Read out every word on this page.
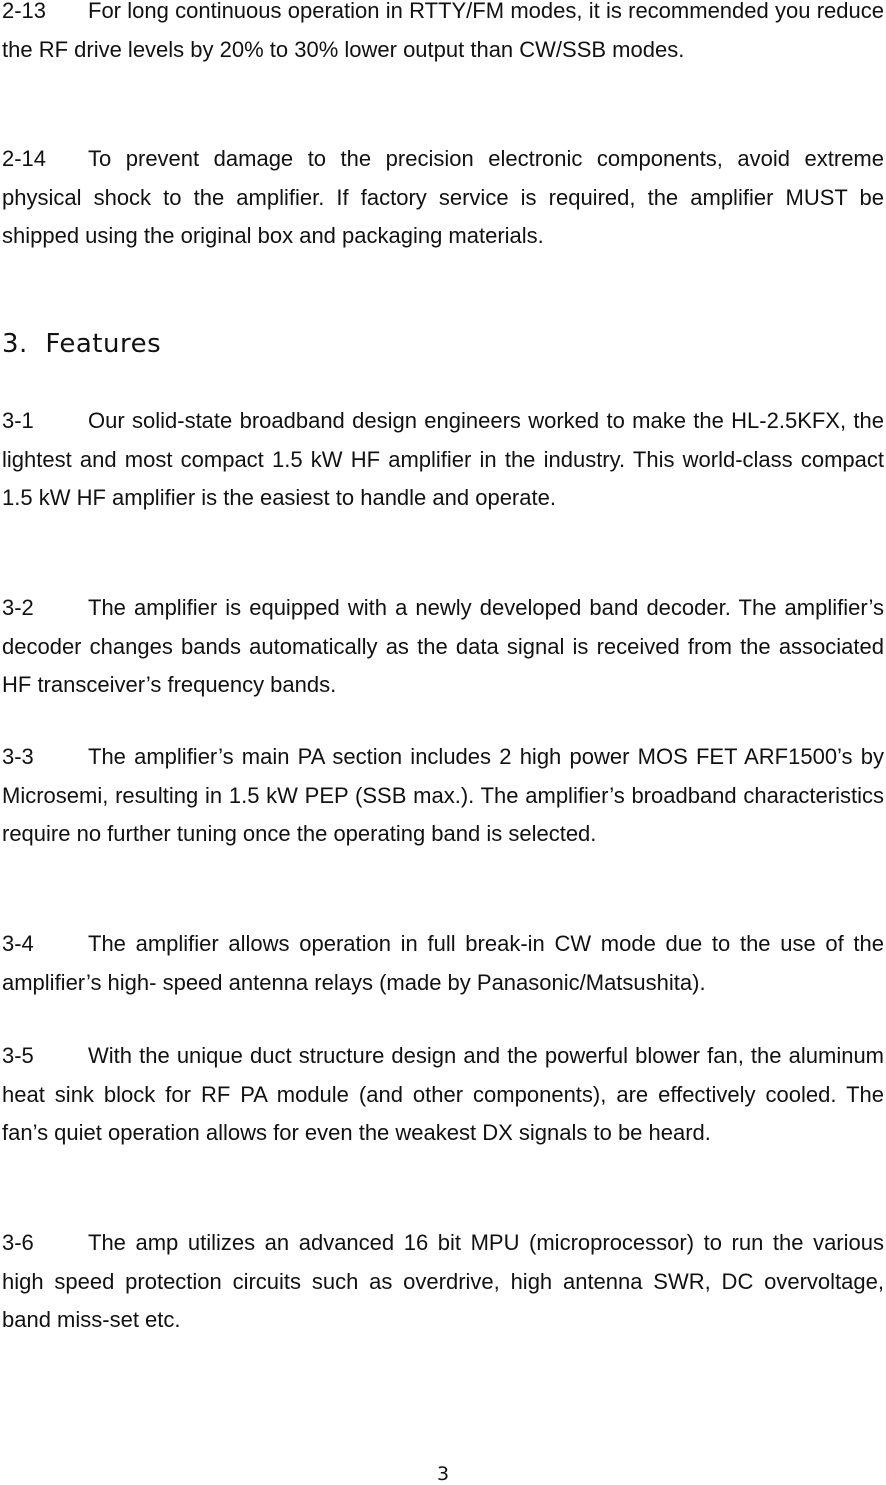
2-13 For long continuous operation in RTTY/FM modes, it is recommended you reduce the RF drive levels by 20% to 30% lower output than CW/SSB modes.

2-14 To prevent damage to the precision electronic components, avoid extreme physical shock to the amplifier. If factory service is required, the amplifier MUST be shipped using the original box and packaging materials.

3. Features

3-1 Our solid-state broadband design engineers worked to make the HL-2.5KFX, the lightest and most compact 1.5 kW HF amplifier in the industry. This world-class compact 1.5 kW HF amplifier is the easiest to handle and operate.

3-2 The amplifier is equipped with a newly developed band decoder. The amplifier’s decoder changes bands automatically as the data signal is received from the associated HF transceiver’s frequency bands.

3-3 The amplifier’s main PA section includes 2 high power MOS FET ARF1500’s by Microsemi, resulting in 1.5 kW PEP (SSB max.). The amplifier’s broadband characteristics require no further tuning once the operating band is selected.

3-4 The amplifier allows operation in full break-in CW mode due to the use of the amplifier’s high- speed antenna relays (made by Panasonic/Matsushita).

3-5 With the unique duct structure design and the powerful blower fan, the aluminum heat sink block for RF PA module (and other components), are effectively cooled. The fan’s quiet operation allows for even the weakest DX signals to be heard.

3-6 The amp utilizes an advanced 16 bit MPU (microprocessor) to run the various high speed protection circuits such as overdrive, high antenna SWR, DC overvoltage, band miss-set etc.

3
